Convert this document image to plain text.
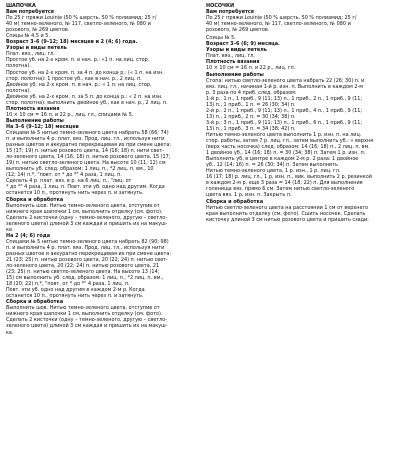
ШАПОЧКА

Вам потребуется

По 25 г пряжи Louinie (50 % шерсть, 50 % полиамид; 25 г/

40 м) темно-зеленого, № 117, светло-зеленого, № 080 и

розового, № 269 цветов.

Спицы № 4,5 и 5.

Возраст 3–6 (9–12; 18) месяцев и 2 (4; 6) года.

Узоры и виды петель

Плат. вяз., лиц. гл.

Простое уб. на 2-х кром. п. в нач. р.: «1 п. на лиц. стор.

полотна).

Простое уб. на 2-х кром. п. за 4 п. до конца р.: (« 1 п. на изн.

стор. полотна): 1 простое уб., как в нач. р., 2 лиц. п.

Двойное уб. на 2-х кром. п. в нач. р.: « 1 п. на лиц. стор.

полотна).

Двойное уб. на 2-х кром. п. за 5 п. до конца р.: « 2 п. на изн.

стор. полотна): выполнить двойное уб., как в нач. р., 2 лиц. п.

Плотность вязания

10 × 10 см = 16 п. и 22 р., лиц. гл., спицами № 5.

Выполнение работы

На 3–6 (9–12; 18) месяцев

Спицами № 5 нитью темно-зеленого цвета набрать 58 (66; 74)

п. и выполнить 4 р. плат. вяз. Прод. лиц. гл., используя нити

разных цветов и аккуратно перекрещивая их при смене цвета:

15 (17; 19) п. нитью розового цвета, 14 (16; 18) п. нити свет-

ло-зеленого цвета, 14 (16; 18) п. нитью розового цвета, 15 (17;

19) п. нитью светло-зеленого цвета. На высоте 10 (11; 12) см

выполнить уб. след. образом: 1 лиц. п., *2 лиц. п. вм., 10

(12; 14) п.*, "повт. от * до *" 4 раза, 1 лиц. п.

Сделать 4 р. плат. вяз. в р. на 6 лиц. п., "лиц. от

* до *" 4 раза, 1 лиц. п. Повт. эти уб. одно над другим. Когда

останется 10 п., протянуть нить через п. и затянуть.

Сборка и обработка

Выполнить шов. Нитью темно-зеленого цвета, отступив от

нижнего края шапочки 1 см, выполнить отделку (см. фото).

Сделать 2 кисточки (одну – темно-зеленого, другую – светло-

зеленого цвета) длиной 3 см каждая и пришить их на макуш-

ке.

На 2 (4; 6) года

Спицами № 5 нитью темно-зеленого цвета набрать 82 (90; 98)

п. и выполнить 4 р. плат. вяз. Прод. лиц. гл., используя нити

разных цветов и аккуратно перекрещивая их при смене цвета:

21 (23; 25) п. нитью розового цвета, 20 (22; 24) п. нитью свет-

ло-зеленого цвета, 20 (22; 24) п. нитью розового цвета, 21

(23; 25) п. нитью светло-зеленого цвета. На высоте 13 (14;

15) см выполнить уб. след. образом: 1 лиц. п., *2 лиц. п. вм.,

18 (20; 22) п.*, "повт. от * до *" 4 раза, 1 лиц. п.

Повт. эти уб. одно над другим в каждом 2-м р. Когда

останется 10 п., протянуть нить через п. и затянуть.

Сборка и обработка

Выполнить шов. Нитью темно-зеленого цвета, отступив от

нижнего края шапочки 1 см, выполнить отделку (см. фото).

Сделать 2 кисточки (одну – темно-зеленого, другую – светло-

зеленого цвета) длиной 3 см каждая и пришить их на макуш-

ке.

НОСОЧКИ

Вам потребуется

По 25 г пряжи Louinie (50 % шерсть, 50 % полиамид; 25 г/

40 м) темно-зеленого, № 117, светло-зеленого, № 080 и

розового, № 269 цветов.

Спицы № 5.

Возраст 3–6 (6; 9) месяца.

Узоры и виды петель

Плат. вяз., лиц. гл.

Плотность вязания

10 × 10 см = 16 п. и 22 р., лиц. гл.

Выполнение работы

Стопа: нитью светло-зеленого цвета набрать 22 (26; 30) п. и

вяз. лиц. гл., начиная 1-й р. изн. п. Выполнить в каждом 2-м

р. 3 раза по 4 приб. след. образом:

1-й р.: 1 п., 1 приб., 9 (11; 13) п., 1 приб., 2 п., 1 приб., 9 (11;

13) п., 1 приб., 1 п. = 26 (30; 34) п.

2-й р.: 2 п., 1 приб., 9 (11; 13) п., 1 приб., 4 п., 1 приб., 9 (11;

13) п., 1 приб., 2 п. = 30 (34; 38) п.

3-й р.: 3 п., 1 приб., 9 (11; 13) п., 1 приб., 6 п., 1 приб., 9 (11;

13) п., 1 приб., 3 п. = 34 (38; 42) п.

Нитью темно-зеленого цвета выполнить 1 р. изн. п. на лиц.

стор. работы, затем 7 р. лиц. гл., затем выполнить уб.: « верхня

(верх часть носочка) след. образом: 14 (16; 18) п., 2 лиц. п. вм.

1 двойное уб., 14 (16; 18) п. = 30 (34; 38) п. Затем 1 р. изн. п.

Выполнить уб. в центре в каждом 2-м р. 2 раза: 1 двойное

уб., 12 (14; 16) п. = 26 (30; 34) п. Затем выполнить

Нитью темно-зеленого цвета, 1 р. изн., 1 р. лиц. гл.

16 (17; 18) р. лиц. гл., 1 р. изн. п., вик. выполнить 2 р. резинкой

в каждом 2-м р. еще 3 раза = 14 (18; 22) п. Для выполнения

голенища вяз. прямо 6 см. Затем нитью светло-зеленого

цвета вяз. 1 р. изн. п. Закрыть п.

Сборка и обработка

Нитью светло-зеленого цвета на расстоянии 1 см от верхнего

края выполнить отделку (см. фото). Сшить носочек. Сделать

кисточку длиной 3 см нитью розового цвета и пришить сзади.
